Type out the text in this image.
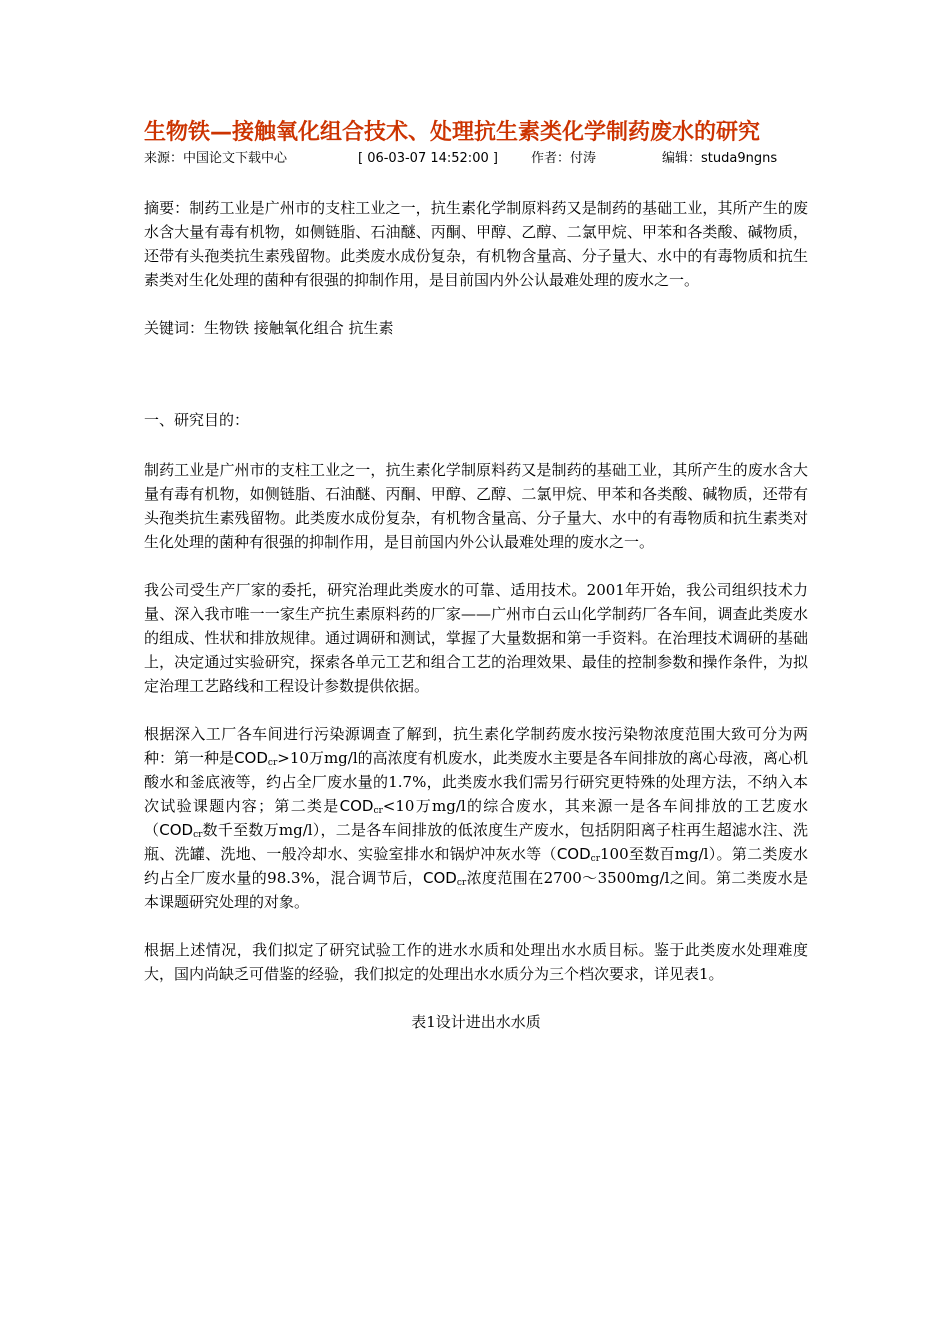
生物铁—接触氧化组合技术、处理抗生素类化学制药废水的研究
来源：中国论文下载中心	[ 06-03-07 14:52:00 ]	作者：付涛	编辑：studa9ngns

摘要：制药工业是广州市的支柱工业之一，抗生素化学制原料药又是制药的基础工业，其所产生的废水含大量有毒有机物，如侧链脂、石油醚、丙酮、甲醇、乙醇、二氯甲烷、甲苯和各类酸、碱物质，还带有头孢类抗生素残留物。此类废水成份复杂，有机物含量高、分子量大、水中的有毒物质和抗生素类对生化处理的菌种有很强的抑制作用，是目前国内外公认最难处理的废水之一。

关键词：生物铁 接触氧化组合 抗生素

一、研究目的：

制药工业是广州市的支柱工业之一，抗生素化学制原料药又是制药的基础工业，其所产生的废水含大量有毒有机物，如侧链脂、石油醚、丙酮、甲醇、乙醇、二氯甲烷、甲苯和各类酸、碱物质，还带有头孢类抗生素残留物。此类废水成份复杂，有机物含量高、分子量大、水中的有毒物质和抗生素类对生化处理的菌种有很强的抑制作用，是目前国内外公认最难处理的废水之一。

我公司受生产厂家的委托，研究治理此类废水的可靠、适用技术。2001年开始，我公司组织技术力量、深入我市唯一一家生产抗生素原料药的厂家——广州市白云山化学制药厂各车间，调查此类废水的组成、性状和排放规律。通过调研和测试，掌握了大量数据和第一手资料。在治理技术调研的基础上，决定通过实验研究，探索各单元工艺和组合工艺的治理效果、最佳的控制参数和操作条件，为拟定治理工艺路线和工程设计参数提供依据。

根据深入工厂各车间进行污染源调查了解到，抗生素化学制药废水按污染物浓度范围大致可分为两种：第一种是$COD_{cr}>10$万mg/l的高浓度有机废水，此类废水主要是各车间排放的离心母液，离心机酸水和釜底液等，约占全厂废水量的1.7%，此类废水我们需另行研究更特殊的处理方法，不纳入本次试验课题内容；第二类是$COD_{cr}<10$万mg/l的综合废水，其来源一是各车间排放的工艺废水（$COD_{cr}$数千至数万mg/l），二是各车间排放的低浓度生产废水，包括阴阳离子柱再生超滤水注、洗瓶、洗罐、洗地、一般冷却水、实验室排水和锅炉冲灰水等（$COD_{cr}100$至数百mg/l）。第二类废水约占全厂废水量的98.3%，混合调节后，$COD_{cr}$浓度范围在2700～3500mg/l之间。第二类废水是本课题研究处理的对象。

根据上述情况，我们拟定了研究试验工作的进水水质和处理出水水质目标。鉴于此类废水处理难度大，国内尚缺乏可借鉴的经验，我们拟定的处理出水水质分为三个档次要求，详见表1。

表1设计进出水水质
